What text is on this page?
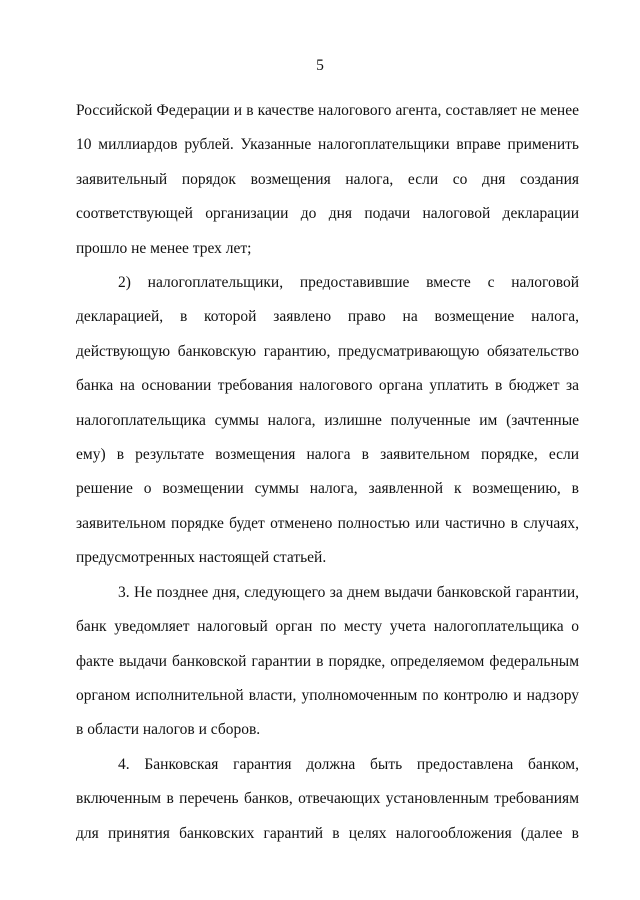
5

Российской Федерации и в качестве налогового агента, составляет не менее 10 миллиардов рублей. Указанные налогоплательщики вправе применить заявительный порядок возмещения налога, если со дня создания соответствующей организации до дня подачи налоговой декларации прошло не менее трех лет;

2) налогоплательщики, предоставившие вместе с налоговой декларацией, в которой заявлено право на возмещение налога, действующую банковскую гарантию, предусматривающую обязательство банка на основании требования налогового органа уплатить в бюджет за налогоплательщика суммы налога, излишне полученные им (зачтенные ему) в результате возмещения налога в заявительном порядке, если решение о возмещении суммы налога, заявленной к возмещению, в заявительном порядке будет отменено полностью или частично в случаях, предусмотренных настоящей статьей.

3. Не позднее дня, следующего за днем выдачи банковской гарантии, банк уведомляет налоговый орган по месту учета налогоплательщика о факте выдачи банковской гарантии в порядке, определяемом федеральным органом исполнительной власти, уполномоченным по контролю и надзору в области налогов и сборов.

4. Банковская гарантия должна быть предоставлена банком, включенным в перечень банков, отвечающих установленным требованиям для принятия банковских гарантий в целях налогообложения (далее в
